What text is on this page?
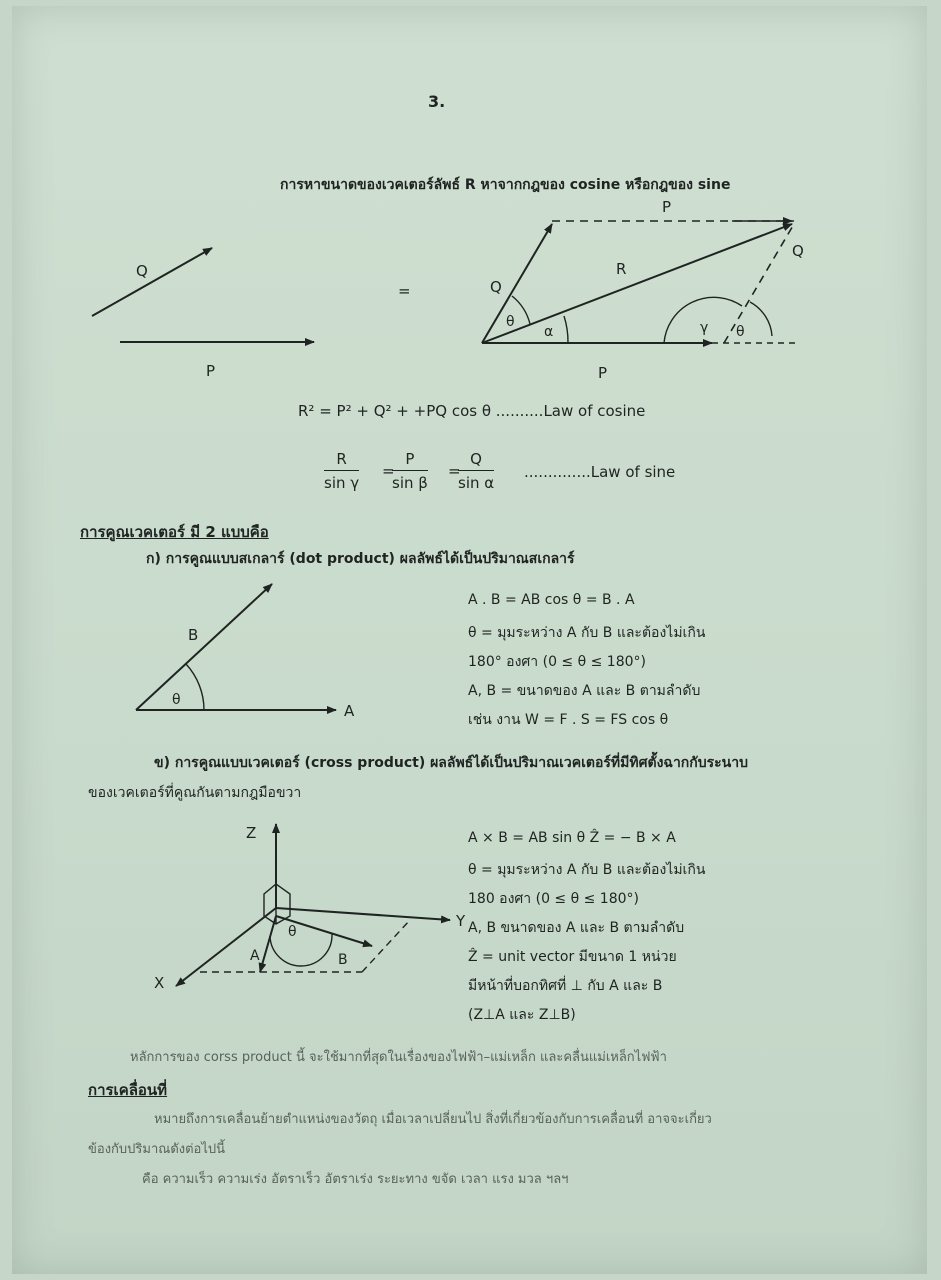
3.
การหาขนาดของเวคเตอร์ลัพธ์ R หาจากกฎของ cosine หรือกฎของ sine
Q
P
=
P
Q
R
Q
θ
α	γ θ
P
R² = P² + Q² + +PQ cos θ ..........Law of cosine
$\frac{R}{\text{sin γ}}$ =
$\frac{P}{\text{sin β}}$ =
$\frac{Q}{\text{sin α}} ..............Law$ of sine
การคูณเวคเตอร์ มี 2 แบบคือ
ก) การคูณแบบสเกลาร์ (dot product) ผลลัพธ์ได้เป็นปริมาณสเกลาร์
B
A
θ
A . B = AB cos θ = B . A
θ = มุมระหว่าง A กับ B และต้องไม่เกิน
180° องศา (0 ≤ θ ≤ 180°)
A, B = ขนาดของ A และ B ตามลำดับ
เช่น งาน W = F . S = FS cos θ
ข) การคูณแบบเวคเตอร์ (cross product) ผลลัพธ์ได้เป็นปริมาณเวคเตอร์ที่มีทิศตั้งฉากกับระนาบ
ของเวคเตอร์ที่คูณกันตามกฎมือขวา
Z
Y
X
A	B
θ
A × B = AB sin θ Ẑ = − B × A
θ = มุมระหว่าง A กับ B และต้องไม่เกิน
180 องศา (0 ≤ θ ≤ 180°)
A, B ขนาดของ A และ B ตามลำดับ
Ẑ = unit vector มีขนาด 1 หน่วย
มีหน้าที่บอกทิศที่ ⊥ กับ A และ B
(Z⊥A และ Z⊥B)
หลักการของ corss product นี้ จะใช้มากที่สุดในเรื่องของไฟฟ้า–แม่เหล็ก และคลื่นแม่เหล็กไฟฟ้า
การเคลื่อนที่
หมายถึงการเคลื่อนย้ายตำแหน่งของวัตถุ เมื่อเวลาเปลี่ยนไป สิ่งที่เกี่ยวข้องกับการเคลื่อนที่ อาจจะเกี่ยว
ข้องกับปริมาณดังต่อไปนี้
คือ ความเร็ว ความเร่ง อัตราเร็ว อัตราเร่ง ระยะทาง ขจัด เวลา แรง มวล ฯลฯ
